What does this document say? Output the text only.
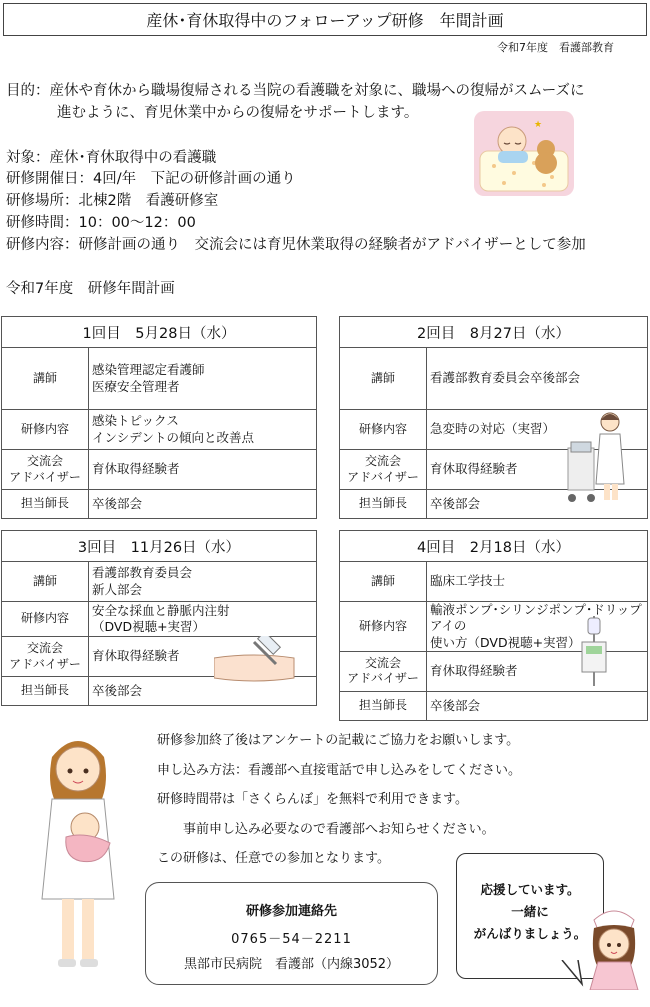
産休･育休取得中のフォローアップ研修　年間計画
令和7年度　看護部教育
目的：産休や育休から職場復帰される当院の看護職を対象に、職場への復帰がスムーズに
進むように、育児休業中からの復帰をサポートします。
対象：産休･育休取得中の看護職
研修開催日：4回/年　下記の研修計画の通り
研修場所：北棟2階　看護研修室
研修時間：10：00～12：00
研修内容：研修計画の通り　交流会には育児休業取得の経験者がアドバイザーとして参加
令和7年度　研修年間計画
★
1回目　5月28日（水）	
講師	感染管理認定看護師
医療安全管理者

研修内容	感染トピックス
インシデントの傾向と改善点

交流会
アドバイザー	育休取得経験者

担当師長	卒後部会
2回目　8月27日（水）	
講師	看護部教育委員会卒後部会

研修内容	急変時の対応（実習）

交流会
アドバイザー	育休取得経験者

担当師長	卒後部会
3回目　11月26日（水）	
講師	看護部教育委員会
新人部会

研修内容	安全な採血と静脈内注射
（DVD視聴+実習）

交流会
アドバイザー	育休取得経験者

担当師長	卒後部会
4回目　2月18日（水）	
講師	臨床工学技士

研修内容	輸液ポンプ･シリンジポンプ･ドリップアイの
使い方（DVD視聴+実習）

交流会
アドバイザー	育休取得経験者

担当師長	卒後部会
研修参加終了後はアンケートの記載にご協力をお願いします。
申し込み方法：看護部へ直接電話で申し込みをしてください。
研修時間帯は「さくらんぼ」を無料で利用できます。
　　事前申し込み必要なので看護部へお知らせください。
この研修は、任意での参加となります。
研修参加連絡先
0765－54－2211
黒部市民病院　看護部（内線3052）
応援しています。
一緒に
がんばりましょう。
